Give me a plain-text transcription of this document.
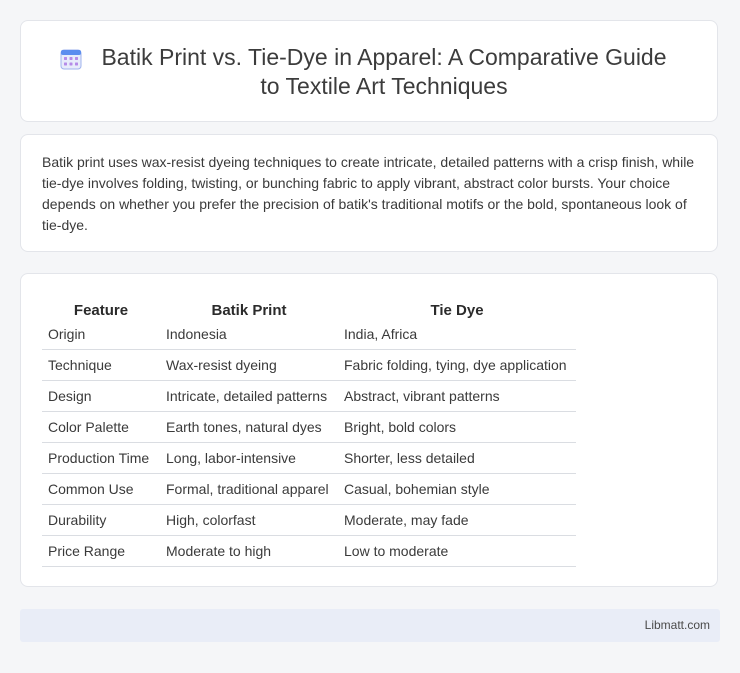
Batik Print vs. Tie-Dye in Apparel: A Comparative Guide to Textile Art Techniques

Batik print uses wax-resist dyeing techniques to create intricate, detailed patterns with a crisp finish, while tie-dye involves folding, twisting, or bunching fabric to apply vibrant, abstract color bursts. Your choice depends on whether you prefer the precision of batik's traditional motifs or the bold, spontaneous look of tie-dye.

Feature	Batik Print	Tie Dye
Origin	Indonesia	India, Africa
Technique	Wax-resist dyeing	Fabric folding, tying, dye application
Design	Intricate, detailed patterns	Abstract, vibrant patterns
Color Palette	Earth tones, natural dyes	Bright, bold colors
Production Time	Long, labor-intensive	Shorter, less detailed
Common Use	Formal, traditional apparel	Casual, bohemian style
Durability	High, colorfast	Moderate, may fade
Price Range	Moderate to high	Low to moderate
Libmatt.com
